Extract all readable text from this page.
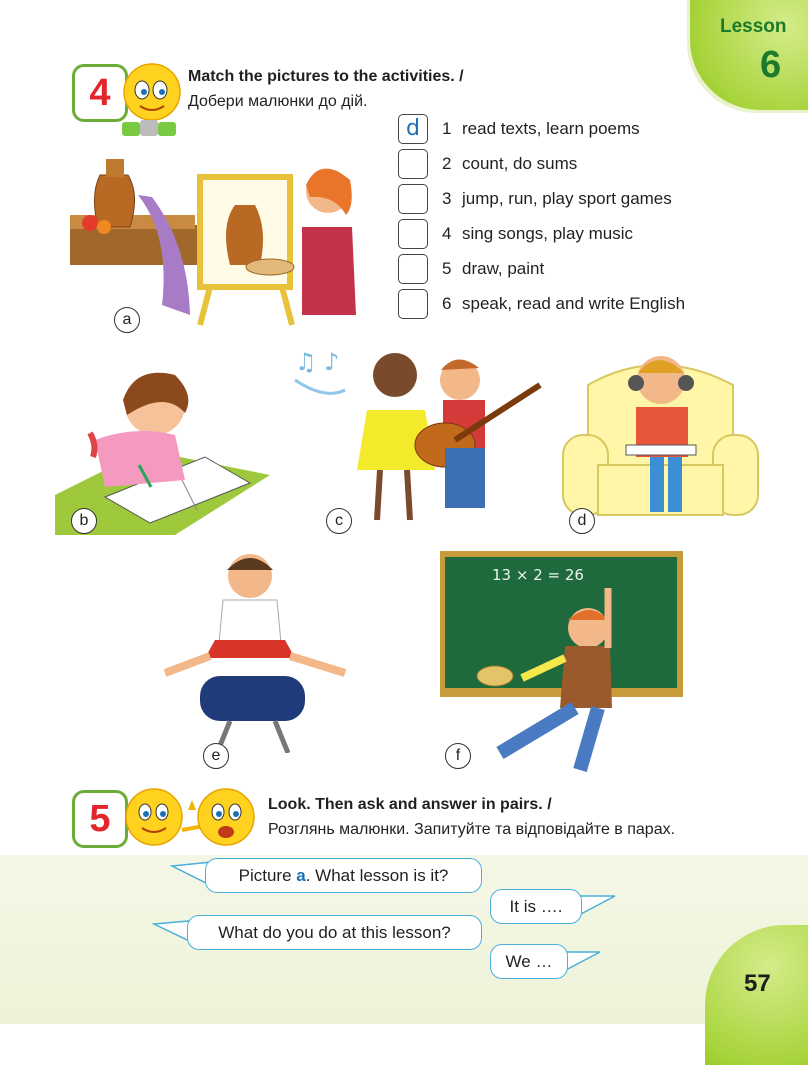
Lesson
6
4	Match the pictures to the activities. /
Добери малюнки до дій.
d	1 read texts, learn poems
2 count, do sums
3 jump, run, play sport games
4 sing songs, play music
5 draw, paint
6 speak, read and write English
a
b
♫ ♪
c	d
e
13 × 2 = 26
f
5	Look. Then ask and answer in pairs. /
Розглянь малюнки. Запитуйте та відповідайте в парах.
Picture a . What lesson is it?
It is ….
What do you do at this lesson?
We …
57
